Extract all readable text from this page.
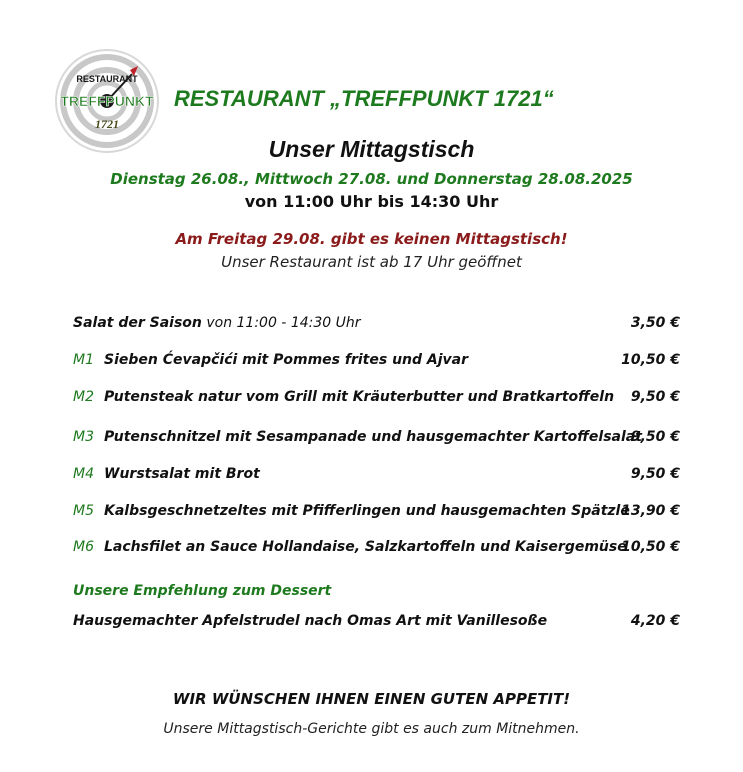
RESTAURANT
TREFFPUNKT
1721
RESTAURANT „TREFFPUNKT 1721“
Unser Mittagstisch
Dienstag 26.08., Mittwoch 27.08. und Donnerstag 28.08.2025
von 11:00 Uhr bis 14:30 Uhr
Am Freitag 29.08. gibt es keinen Mittagstisch!
Unser Restaurant ist ab 17 Uhr geöffnet
Salat der Saison von 11:00 - 14:30 Uhr	3,50 €
M1 Sieben Ćevapčići mit Pommes frites und Ajvar	10,50 €
M2 Putensteak natur vom Grill mit Kräuterbutter und Bratkartoffeln 9,50 €
M3 Putenschnitzel mit Sesampanade und hausgemachter Kartoffelsalat
9,50 €
M4 Wurstsalat mit Brot	9,50 €
M5 Kalbsgeschnetzeltes mit Pfifferlingen und hausgemachten Spätzle
13,90 €
M6 Lachsfilet an Sauce Hollandaise, Salzkartoffeln und Kaisergemüse
10,50 €
Unsere Empfehlung zum Dessert
Hausgemachter Apfelstrudel nach Omas Art mit Vanillesoße	4,20 €
WIR WÜNSCHEN IHNEN EINEN GUTEN APPETIT!
Unsere Mittagstisch-Gerichte gibt es auch zum Mitnehmen.
